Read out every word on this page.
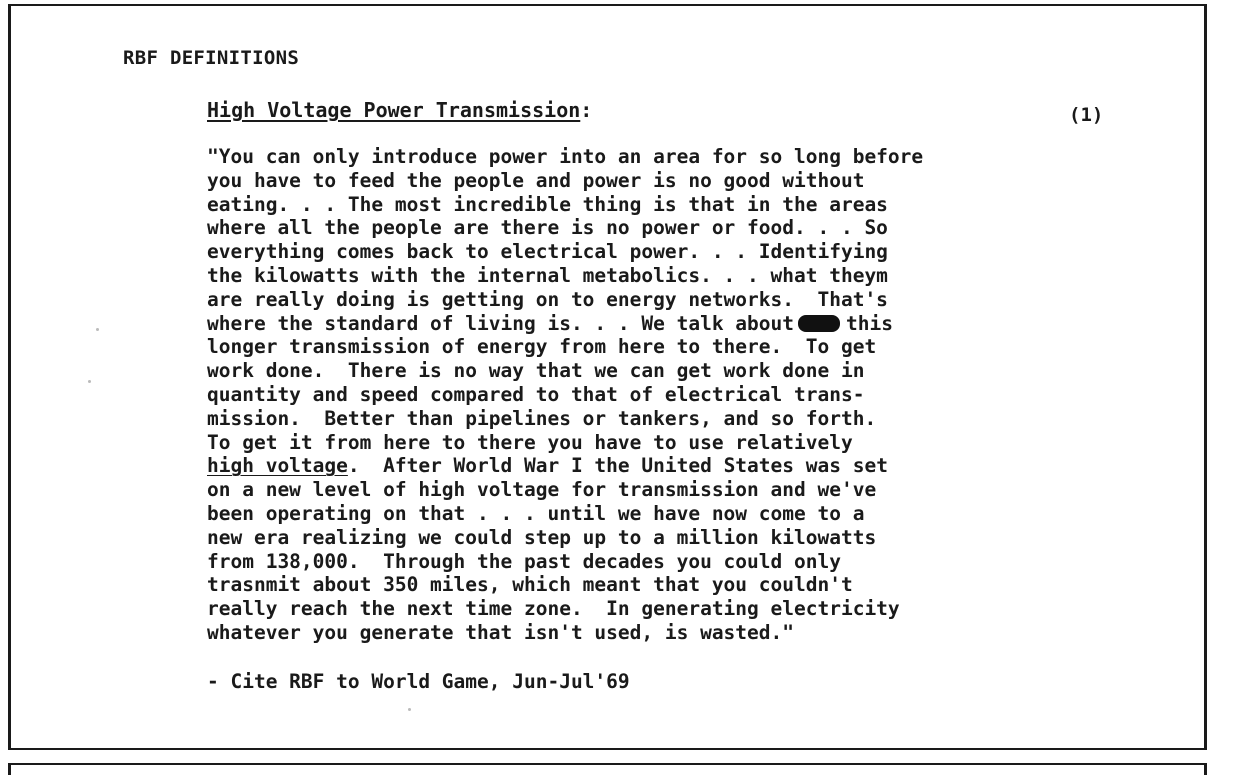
RBF DEFINITIONS
High Voltage Power Transmission:	(1)
"You can only introduce power into an area for so long before
you have to feed the people and power is no good without
eating. . . The most incredible thing is that in the areas
where all the people are there is no power or food. . . So
everything comes back to electrical power. . . Identifying
the kilowatts with the internal metabolics. . . what theym
are really doing is getting on to energy networks.  That's
where the standard of living is. . . We talk about	this
longer transmission of energy from here to there.  To get
work done.  There is no way that we can get work done in
quantity and speed compared to that of electrical trans-
mission.  Better than pipelines or tankers, and so forth.
To get it from here to there you have to use relatively
high voltage.  After World War I the United States was set
on a new level of high voltage for transmission and we've
been operating on that . . . until we have now come to a
new era realizing we could step up to a million kilowatts
from 138,000.  Through the past decades you could only
trasnmit about 350 miles, which meant that you couldn't
really reach the next time zone.  In generating electricity
whatever you generate that isn't used, is wasted."

- Cite RBF to World Game, Jun-Jul'69
